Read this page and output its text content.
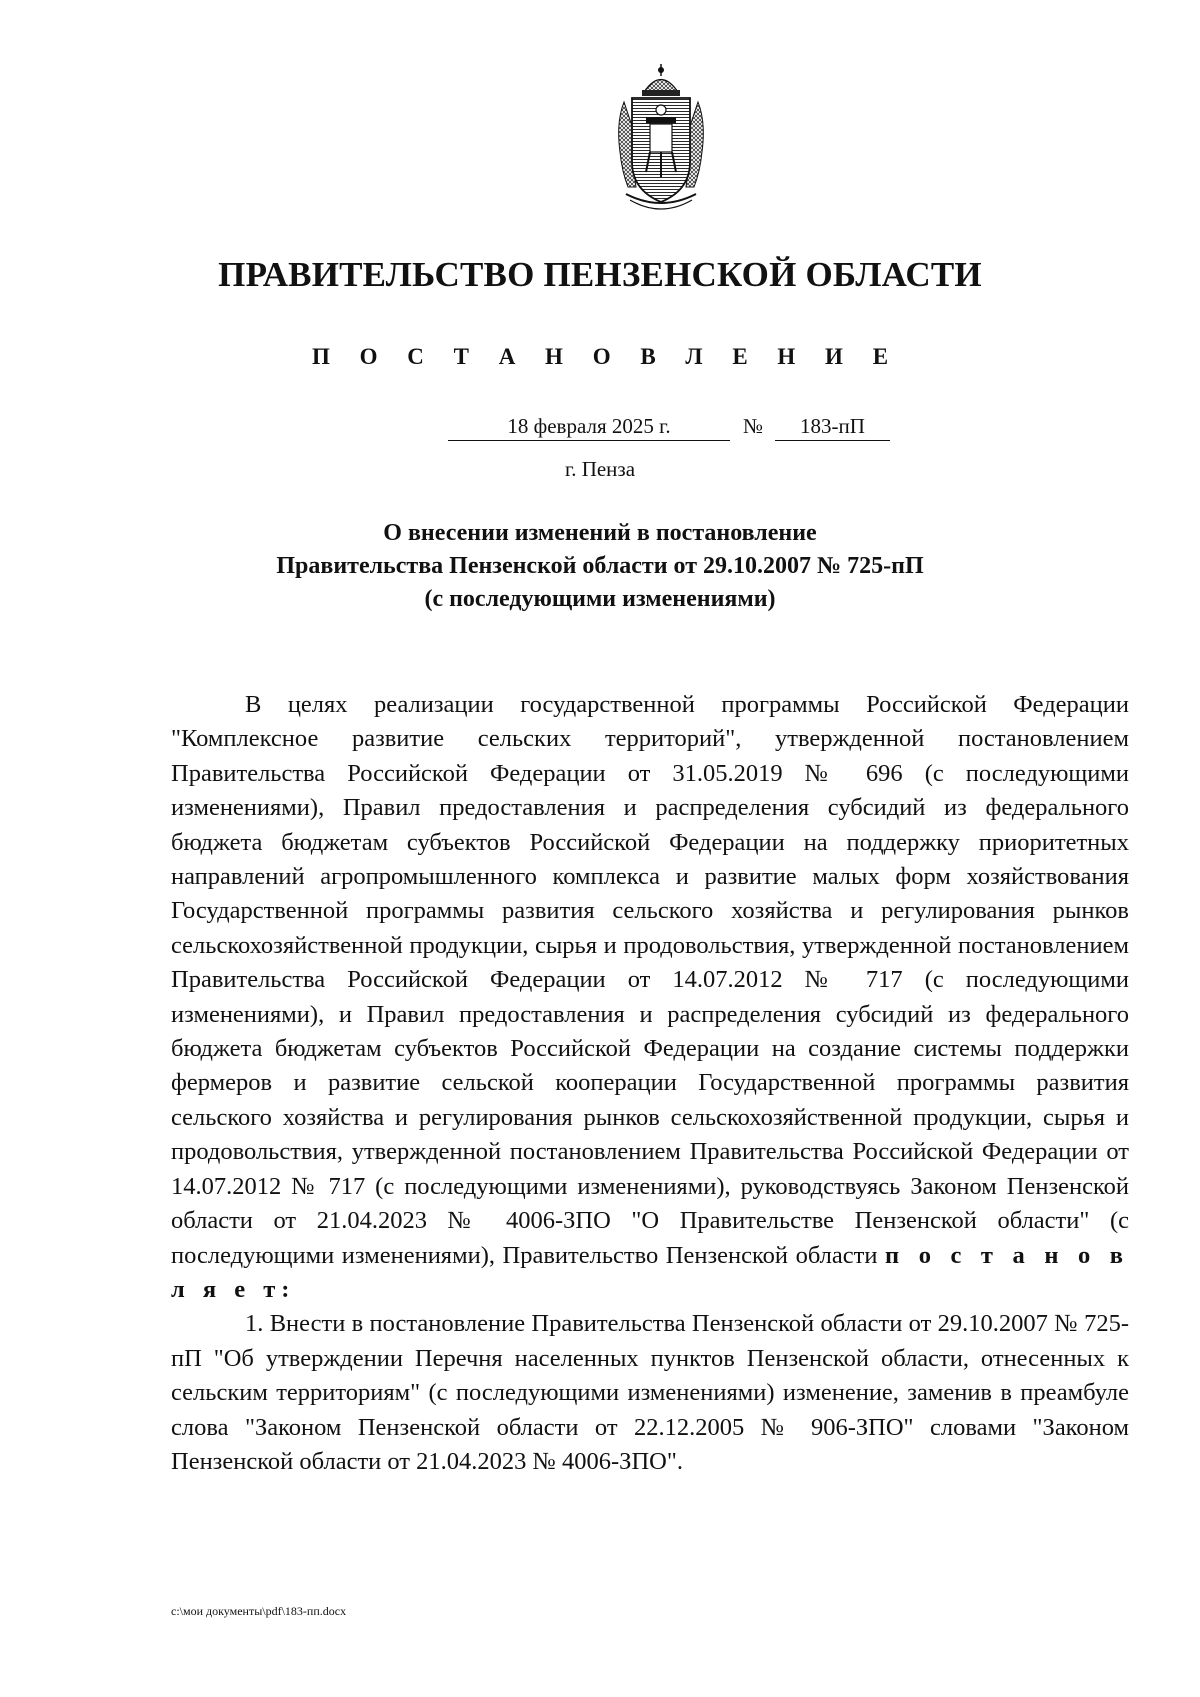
ПРАВИТЕЛЬСТВО ПЕНЗЕНСКОЙ ОБЛАСТИ
П О С Т А Н О В Л Е Н И Е
18 февраля 2025 г.	№	183-пП
г. Пенза
О внесении изменений в постановление
Правительства Пензенской области от 29.10.2007 № 725-пП
(с последующими изменениями)

В целях реализации государственной программы Российской Федерации "Комплексное развитие сельских территорий", утвержденной постановлением Правительства Российской Федерации от 31.05.2019 № 696 (с последующими изменениями), Правил предоставления и распределения субсидий из федерального бюджета бюджетам субъектов Российской Федерации на поддержку приоритетных направлений агропромышленного комплекса и развитие малых форм хозяйствования Государственной программы развития сельского хозяйства и регулирования рынков сельскохозяйственной продукции, сырья и продовольствия, утвержденной постановлением Правительства Российской Федерации от 14.07.2012 № 717 (с последующими изменениями), и Правил предоставления и распределения субсидий из федерального бюджета бюджетам субъектов Российской Федерации на создание системы поддержки фермеров и развитие сельской кооперации Государственной программы развития сельского хозяйства и регулирования рынков сельскохозяйственной продукции, сырья и продовольствия, утвержденной постановлением Правительства Российской Федерации от 14.07.2012 № 717 (с последующими изменениями), руководствуясь Законом Пензенской области от 21.04.2023 № 4006-ЗПО "О Правительстве Пензенской области" (с последующими изменениями), Правительство Пензенской области п о с т а н о в л я е т:

1. Внести в постановление Правительства Пензенской области от 29.10.2007 № 725-пП "Об утверждении Перечня населенных пунктов Пензенской области, отнесенных к сельским территориям" (с последующими изменениями) изменение, заменив в преамбуле слова "Законом Пензенской области от 22.12.2005 № 906-ЗПО" словами "Законом Пензенской области от 21.04.2023 № 4006-ЗПО".

c:\мои документы\pdf\183-пп.docx
